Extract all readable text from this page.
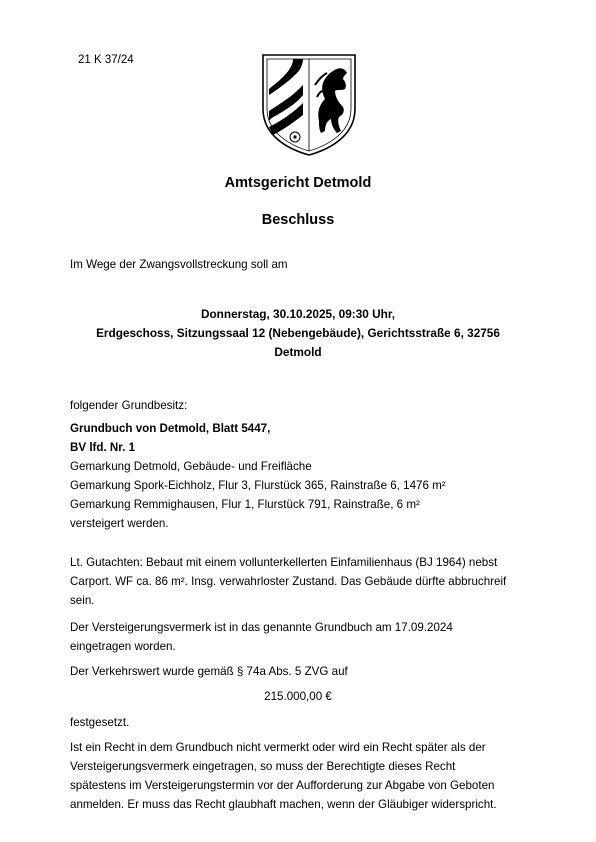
21 K 37/24
Amtsgericht Detmold
Beschluss
Im Wege der Zwangsvollstreckung soll am
Donnerstag, 30.10.2025, 09:30 Uhr,
Erdgeschoss, Sitzungssaal 12 (Nebengebäude), Gerichtsstraße 6, 32756
Detmold
folgender Grundbesitz:
Grundbuch von Detmold, Blatt 5447,
BV lfd. Nr. 1
Gemarkung Detmold, Gebäude- und Freifläche
Gemarkung Spork-Eichholz, Flur 3, Flurstück 365, Rainstraße 6, 1476 m²
Gemarkung Remmighausen, Flur 1, Flurstück 791, Rainstraße, 6 m²
versteigert werden.
Lt. Gutachten: Bebaut mit einem vollunterkellerten Einfamilienhaus (BJ 1964) nebst
Carport. WF ca. 86 m². Insg. verwahrloster Zustand. Das Gebäude dürfte abbruchreif
sein.
Der Versteigerungsvermerk ist in das genannte Grundbuch am 17.09.2024
eingetragen worden.
Der Verkehrswert wurde gemäß § 74a Abs. 5 ZVG auf
215.000,00 €
festgesetzt.
Ist ein Recht in dem Grundbuch nicht vermerkt oder wird ein Recht später als der
Versteigerungsvermerk eingetragen, so muss der Berechtigte dieses Recht
spätestens im Versteigerungstermin vor der Aufforderung zur Abgabe von Geboten
anmelden. Er muss das Recht glaubhaft machen, wenn der Gläubiger widerspricht.
